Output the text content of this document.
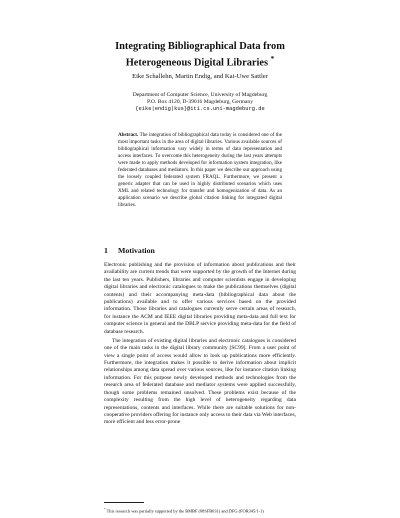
Integrating Bibliographical Data from
Heterogeneous Digital Libraries *
Eike Schallehn, Martin Endig, and Kai-Uwe Sattler
Department of Computer Science, University of Magdeburg
P.O. Box 4120, D-39016 Magdeburg, Germany
{eike|endig|kus}@iti.cs.uni-magdeburg.de
Abstract. The integration of bibliographical data today is considered one of the most important tasks in the area of digital libraries. Various available sources of bibliographical information vary widely in terms of data representation and access interfaces. To overcome this heterogeneity during the last years attempts were made to apply methods developed for information system integration, like federated databases and mediators. In this paper we describe our approach using the loosely coupled federated system FRAQL. Furthermore, we present a generic adapter that can be used in highly distributed scenarios which uses XML and related technology for transfer and homogenization of data. As an application scenario we describe global citation linking for integrated digital libraries.
1 Motivation

Electronic publishing and the provision of information about publications and their availability are current trends that were supported by the growth of the Internet during the last ten years. Publishers, libraries and computer scientists engage in developing digital libraries and electronic catalogues to make the publications themselves (digital contents) and their accompanying meta-data (bibliographical data about the publications) available and to offer various services based on the provided information. Those libraries and catalogues currently serve certain areas of research, for instance the ACM and IEEE digital libraries providing meta-data and full text for computer science in general and the DBLP service providing meta-data for the field of database research.

The integration of existing digital libraries and electronic catalogues is considered one of the main tasks in the digital library community [SC99]. From a user point of view a single point of access would allow to look up publications more efficiently. Furthermore, the integration makes it possible to derive information about implicit relationships among data spread over various sources, like for instance citation linking information. For this purpose newly developed methods and technologies from the research area of federated database and mediator systems were applied successfully, though some problems remained unsolved. These problems exist because of the complexity resulting from the high level of heterogeneity regarding data representations, contents and interfaces. While there are suitable solutions for non-cooperative providers offering for instance only access to their data via Web interfaces, more efficient and less error-prone

* This research was partially supported by the BMBF (08SFB031) and DFG (FOR345/1-1)
